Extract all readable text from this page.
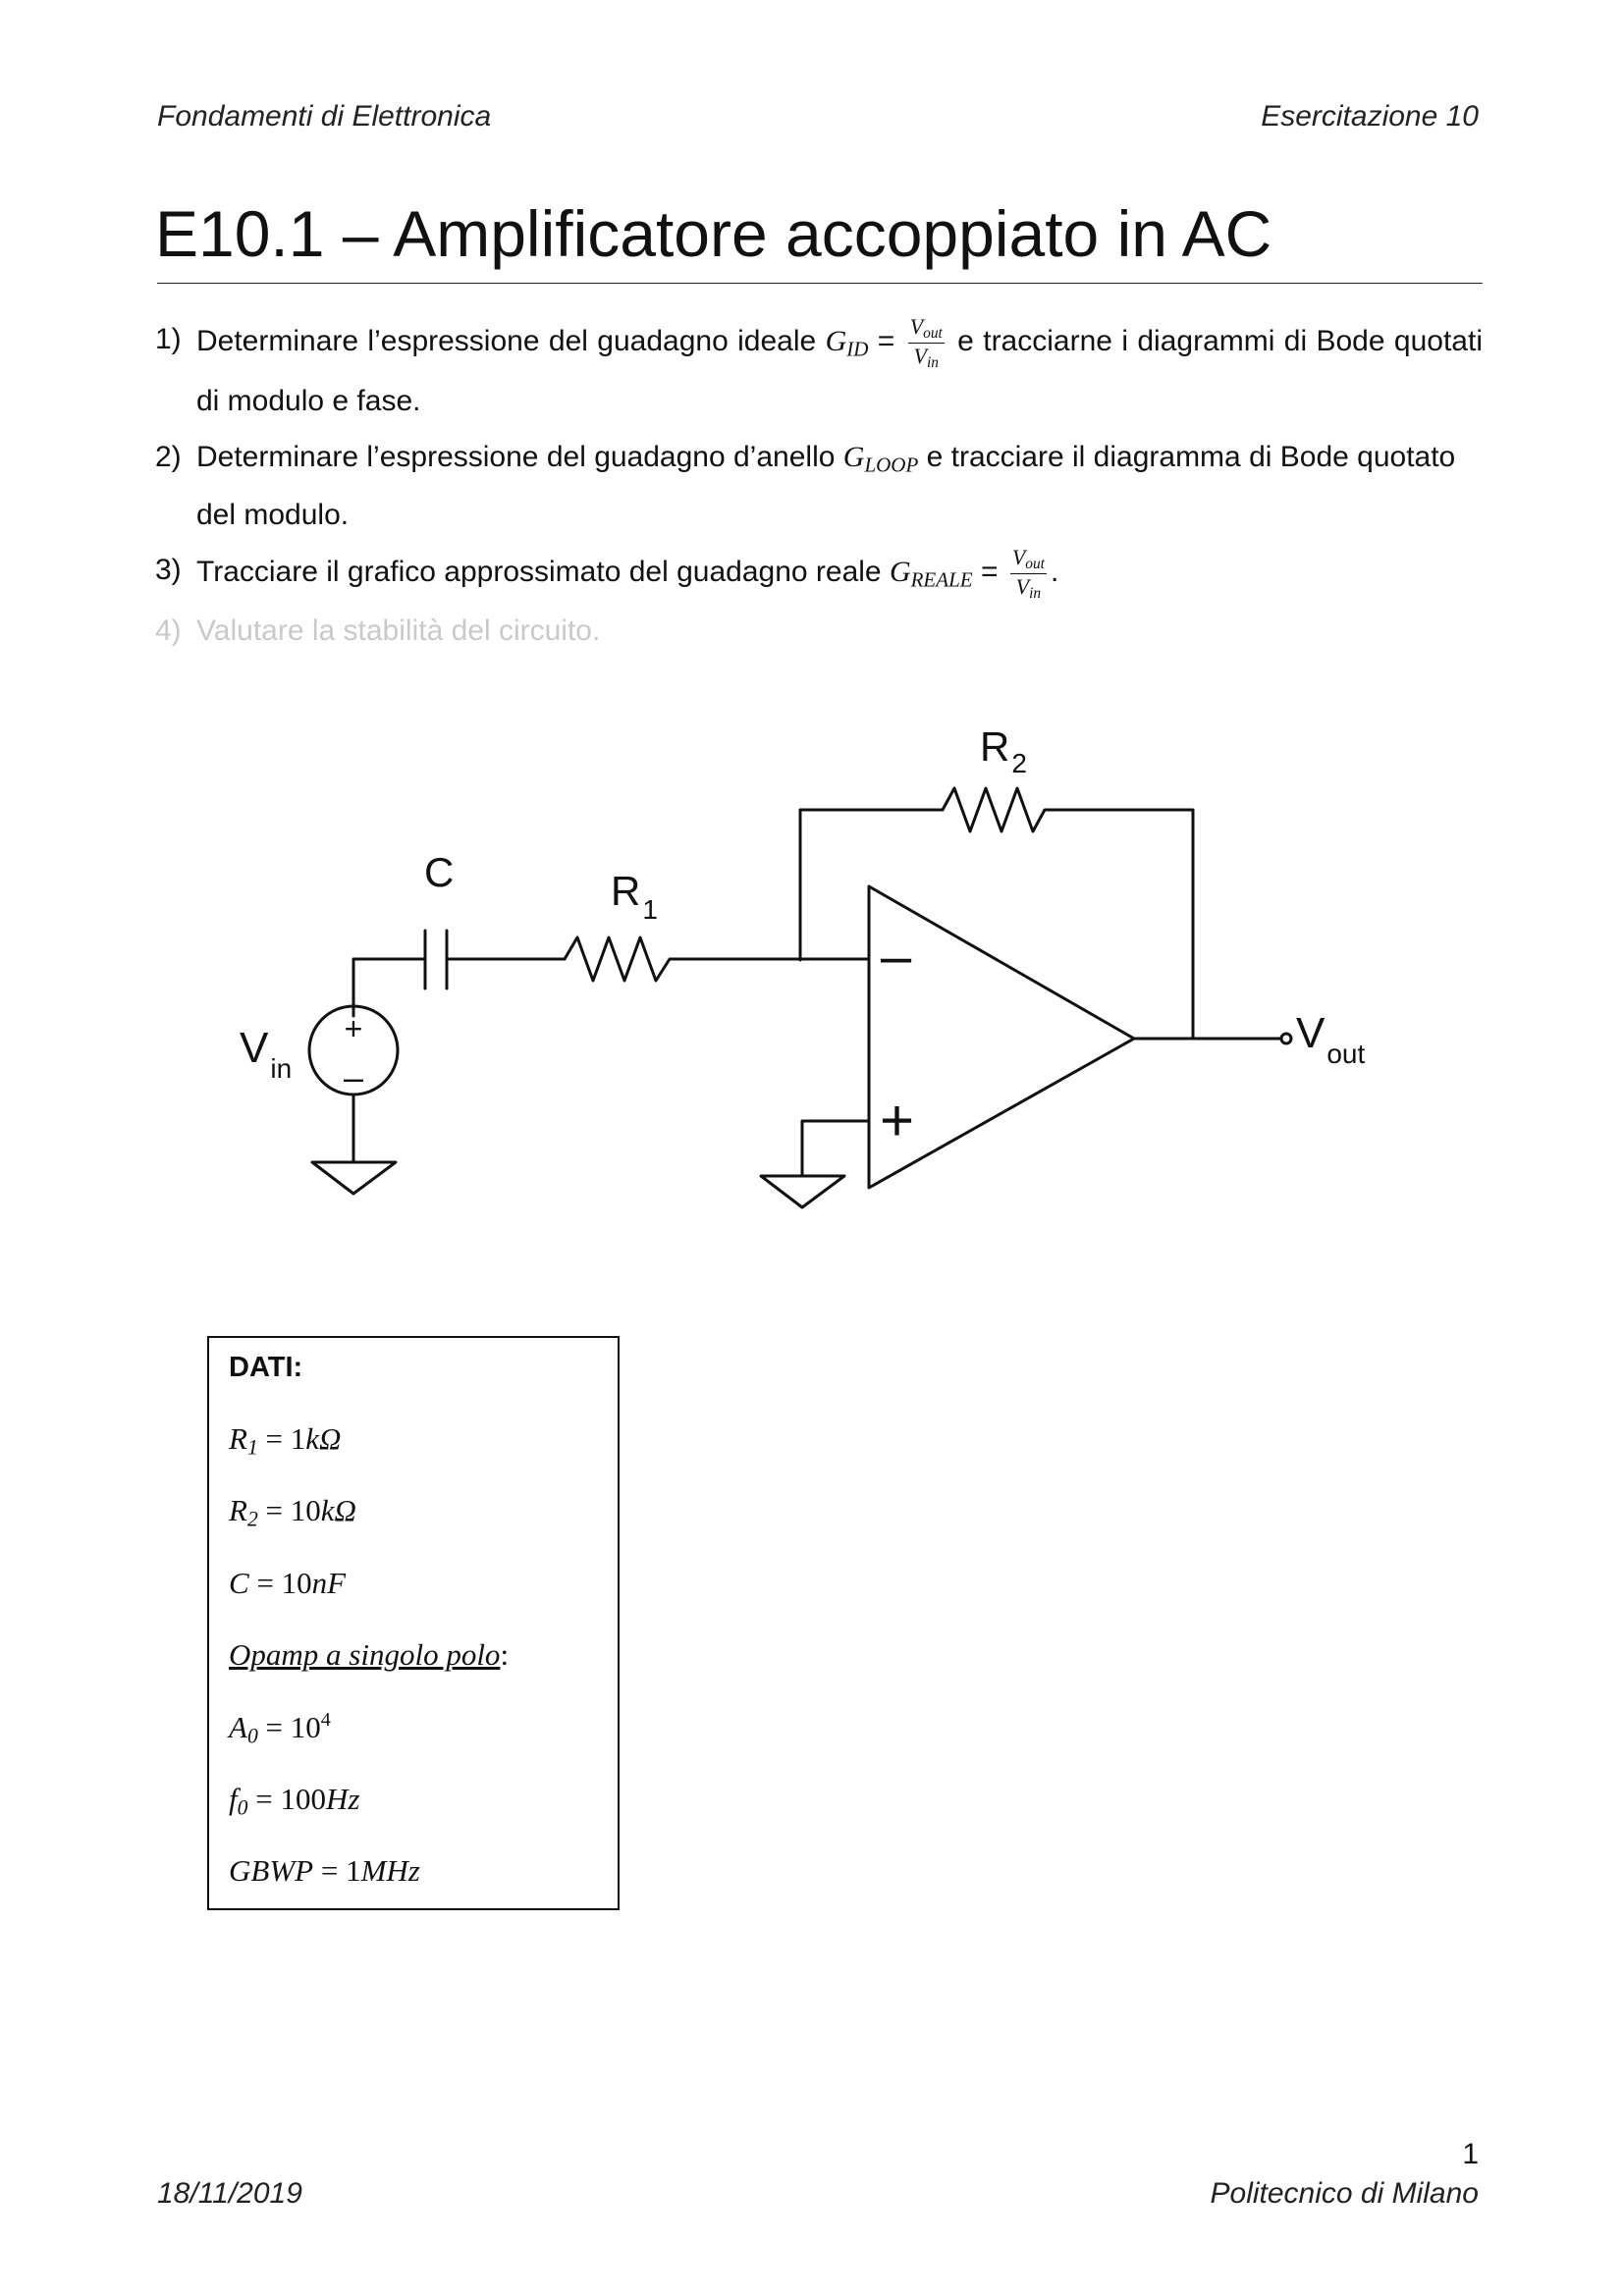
Fondamenti di Elettronica	Esercitazione 10
E10.1 – Amplificatore accoppiato in AC
1) Determinare l’espressione del guadagno ideale $G_{ID} = \frac{V_{out}}{V_{in}}$ e tracciarne i diagrammi di Bode quotati di modulo e fase.

2) Determinare l’espressione del guadagno d’anello $G_{LOOP}$ e tracciare il diagramma di Bode quotato del modulo.

3) Tracciare il grafico approssimato del guadagno reale $G_{REALE} = \frac{V_{out}}{V_{in}}$ .

4) Valutare la stabilità del circuito.

$R_2$
C	$R_1$
–
+
+
–
$V_{in}$
$V_{out}$
DATI:
$R_1 = 1k\Omega$
$R_2 = 10k\Omega$
C = 10nF
Opamp a singolo polo:
$A_0 = 10^4$
$f_0 = 100Hz$
GBWP = 1MHz
1
18/11/2019	Politecnico di Milano
